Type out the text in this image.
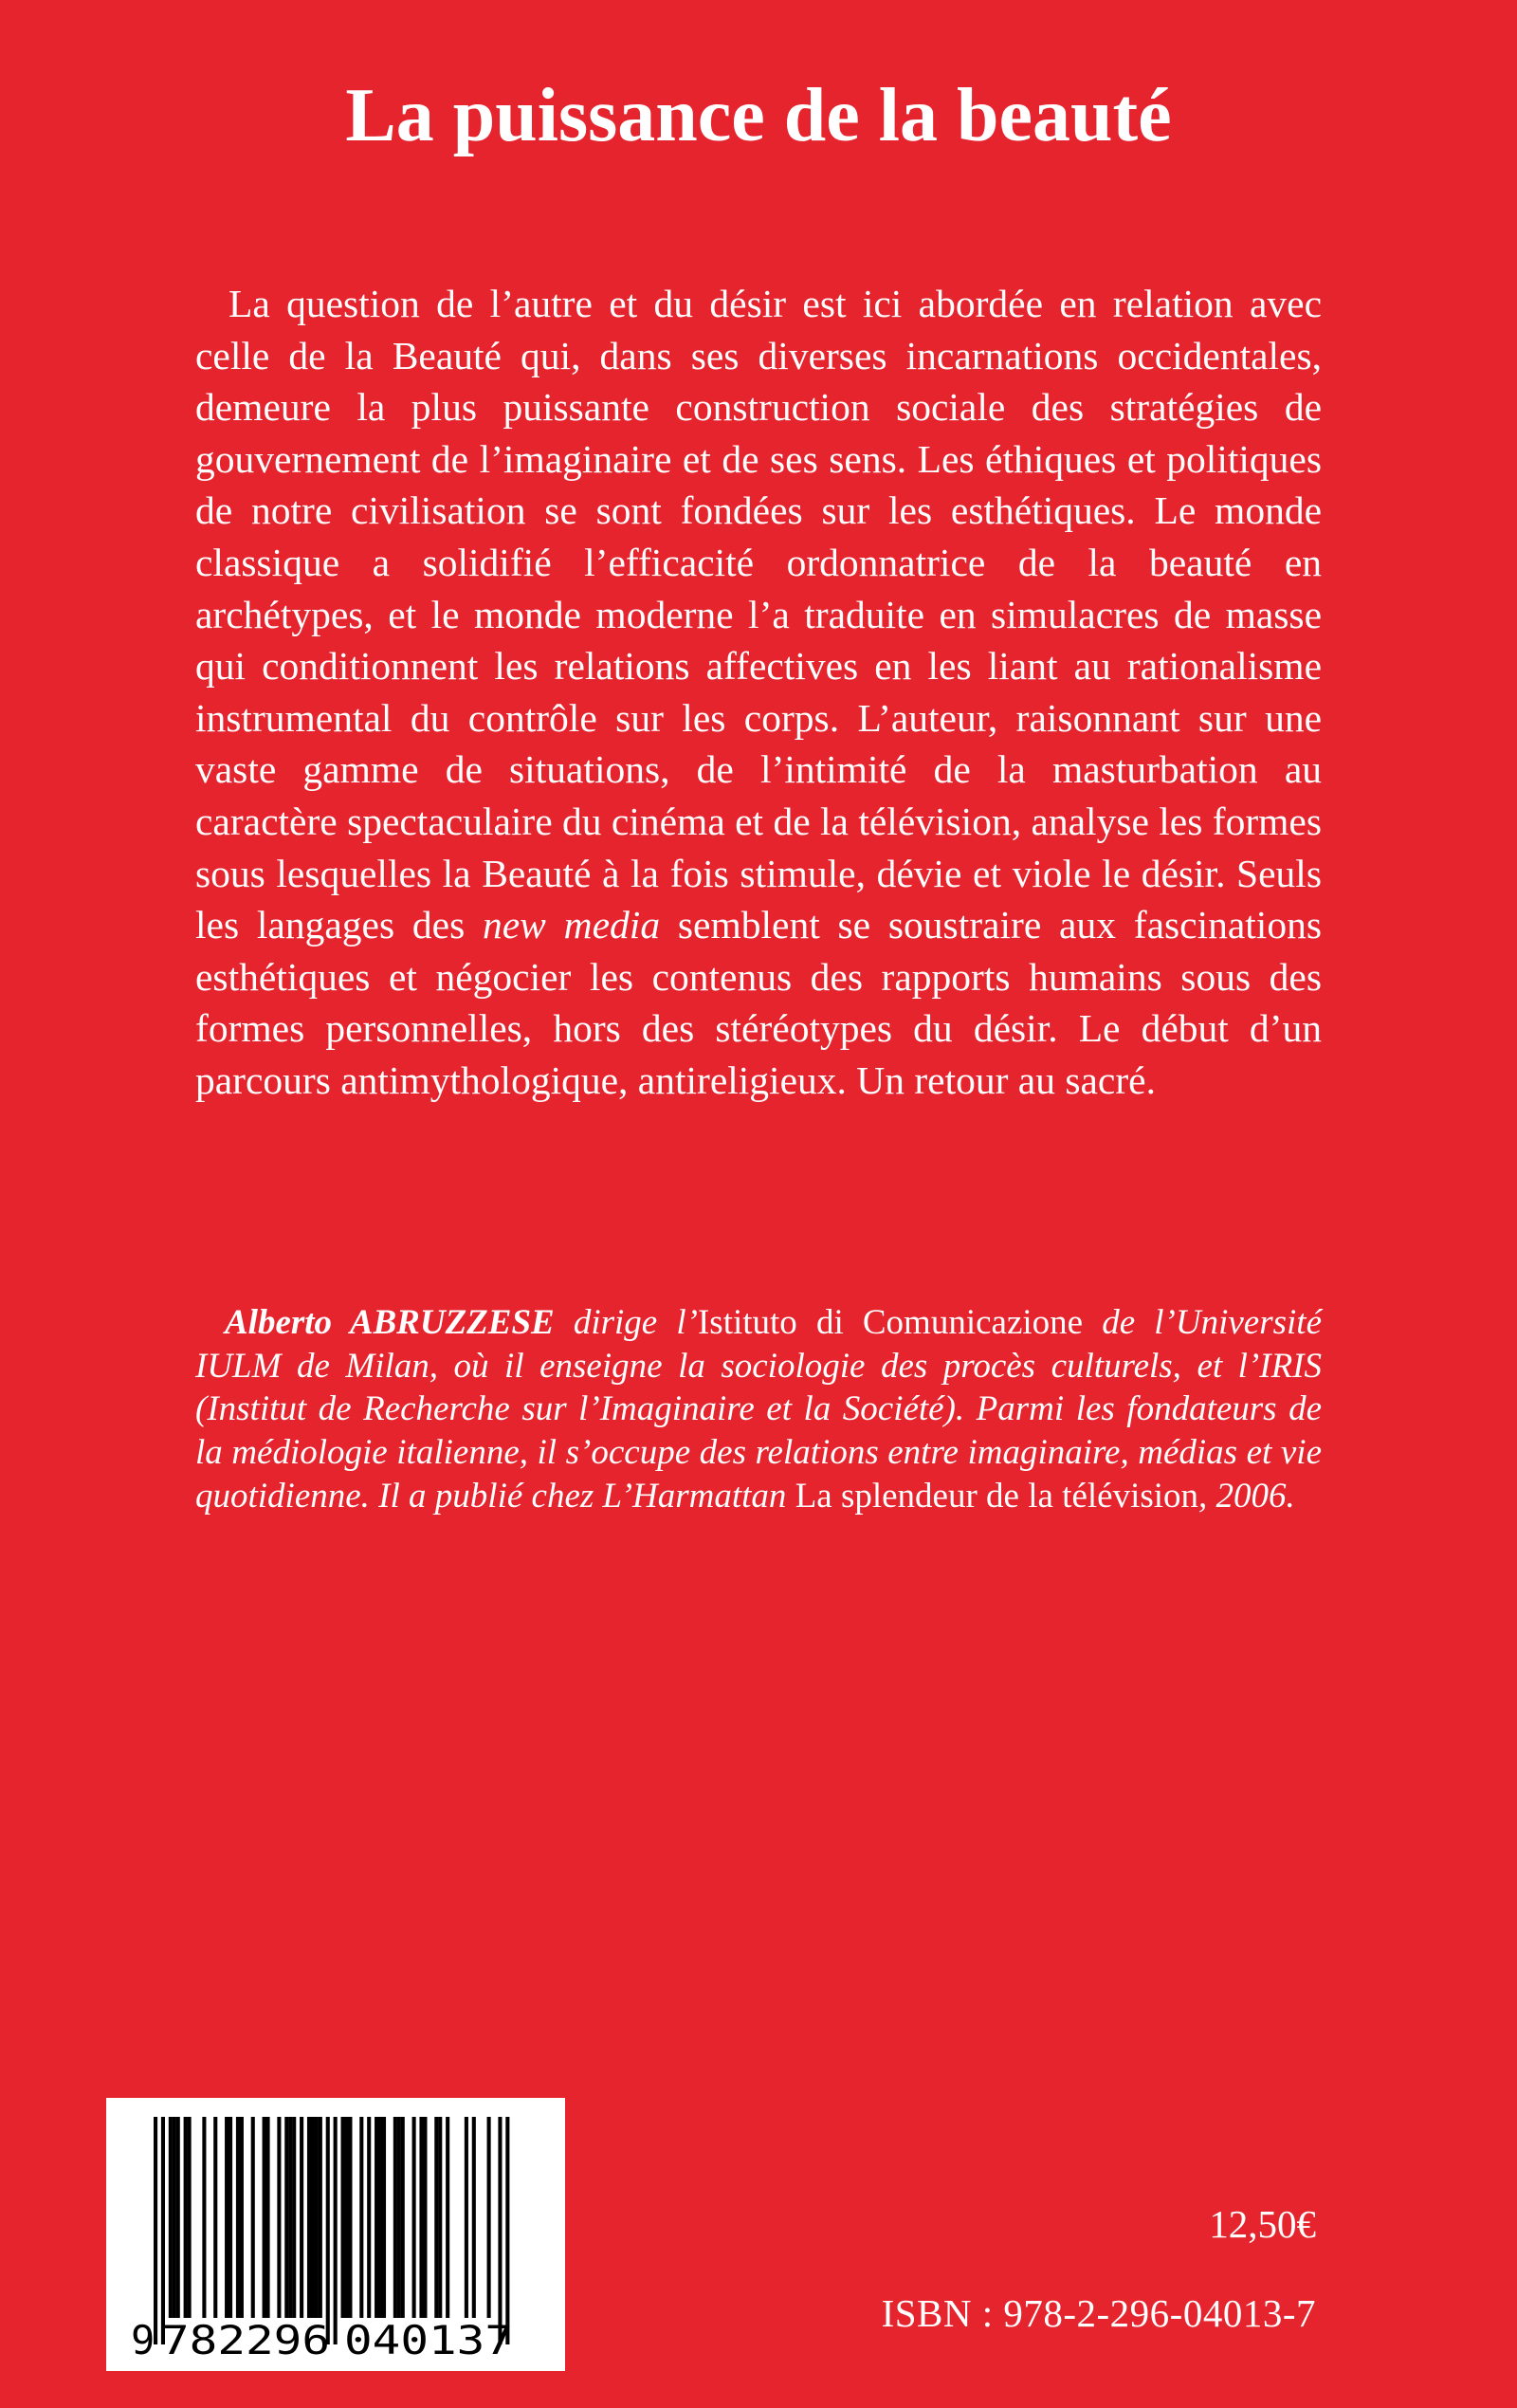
La puissance de la beauté

La question de l’autre et du désir est ici abordée en relation avec celle de la Beauté qui, dans ses diverses incarnations occidentales, demeure la plus puissante construction sociale des stratégies de gouvernement de l’imaginaire et de ses sens. Les éthiques et politiques de notre civilisation se sont fondées sur les esthétiques. Le monde classique a solidifié l’efficacité ordonnatrice de la beauté en archétypes, et le monde moderne l’a traduite en simulacres de masse qui conditionnent les relations affectives en les liant au rationalisme instrumental du contrôle sur les corps. L’auteur, raisonnant sur une vaste gamme de situations, de l’intimité de la masturbation au caractère spectaculaire du cinéma et de la télévision, analyse les formes sous lesquelles la Beauté à la fois stimule, dévie et viole le désir. Seuls les langages des new media semblent se soustraire aux fascinations esthétiques et négocier les contenus des rapports humains sous des formes personnelles, hors des stéréotypes du désir. Le début d’un parcours antimythologique, antireligieux. Un retour au sacré.

Alberto ABRUZZESE dirige l’Istituto di Comunicazione de l’Université IULM de Milan, où il enseigne la sociologie des procès culturels, et l’IRIS (Institut de Recherche sur l’Imaginaire et la Société). Parmi les fondateurs de la médiologie italienne, il s’occupe des relations entre imaginaire, médias et vie quotidienne. Il a publié chez L’Harmattan La splendeur de la télévision, 2006.

9 782296 040137
12,50€
ISBN : 978-2-296-04013-7
